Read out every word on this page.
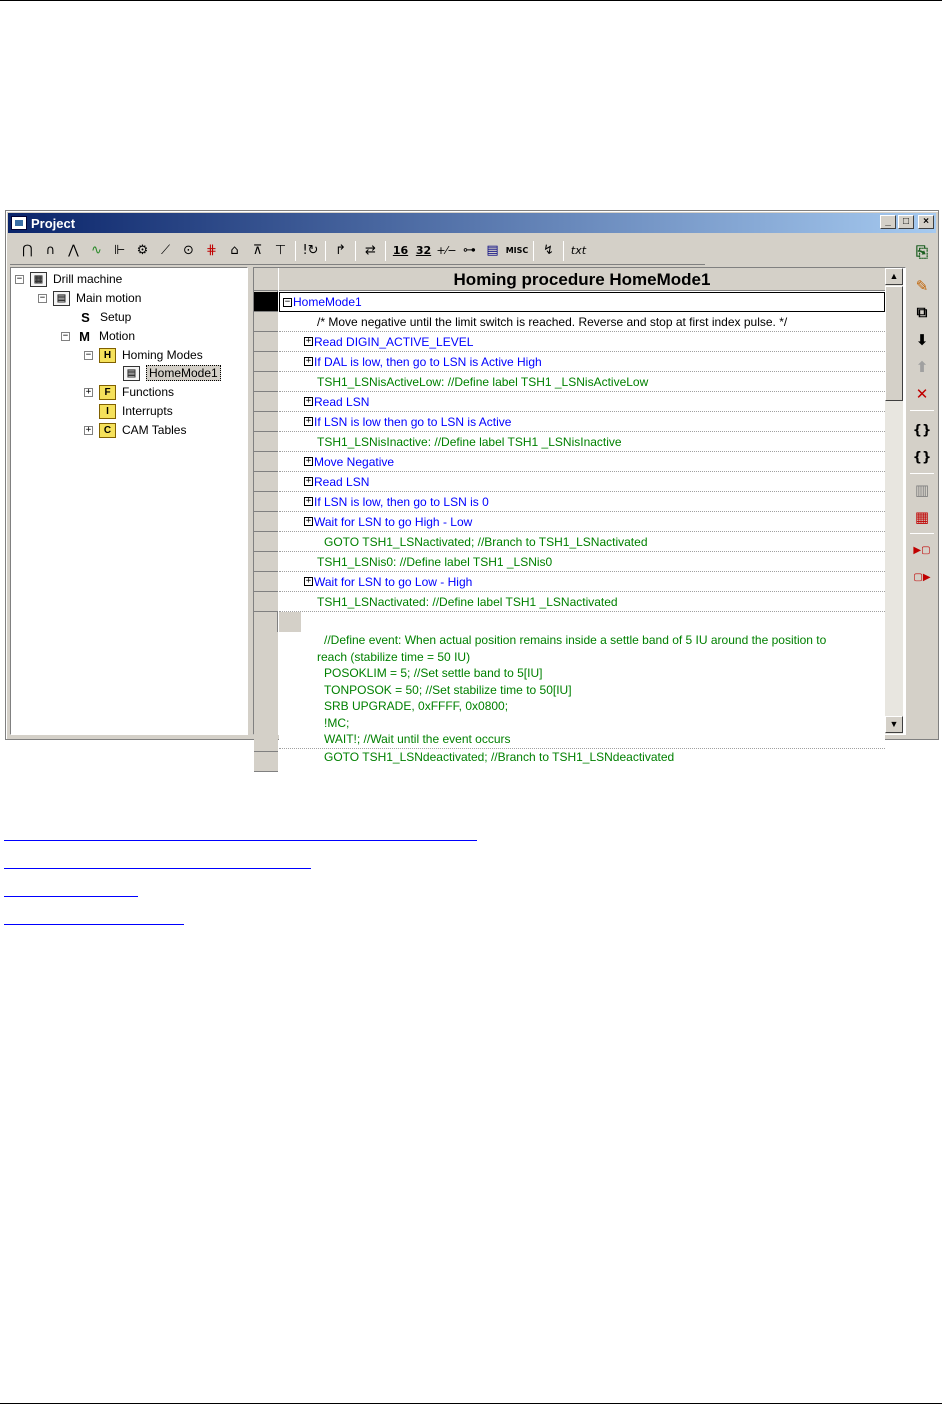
Project	_	□	×
⋂ ∩ ⋀ ∿ ⊩ ⚙ ⟋	⊙ ⋕	⌂	⊼ ⊤	!↻	↱	⇄	16 32 +⁄− ⊶ ▤ MISC	↯	txt
−	▦ Drill machine
−	▤ Main motion
S Setup
− M Motion
−	H Homing Modes
▤	HomeMode1
+	F Functions
I	Interrupts
+	C CAM Tables
Homing procedure HomeMode1
− HomeMode1
/* Move negative until the limit switch is reached. Reverse and stop at first index pulse. */
+ Read DIGIN_ACTIVE_LEVEL
+ If DAL is low, then go to LSN is Active High
TSH1_LSNisActiveLow: //Define label TSH1 _LSNisActiveLow
+ Read LSN
+ If LSN is low then go to LSN is Active
TSH1_LSNisInactive: //Define label TSH1 _LSNisInactive
+ Move Negative
+ Read LSN
+ If LSN is low, then go to LSN is 0
+ Wait for LSN to go High - Low
GOTO TSH1_LSNactivated; //Branch to TSH1_LSNactivated
TSH1_LSNis0: //Define label TSH1 _LSNis0
+ Wait for LSN to go Low - High
TSH1_LSNactivated: //Define label TSH1 _LSNactivated
//Define event: When actual position remains inside a settle band of 5 IU around the position to
reach (stabilize time = 50 IU)
POSOKLIM = 5; //Set settle band to 5[IU]
TONPOSOK = 50; //Set stabilize time to 50[IU]
SRB UPGRADE, 0xFFFF, 0x0800;
!MC;
WAIT!; //Wait until the event occurs
GOTO TSH1_LSNdeactivated; //Branch to TSH1_LSNdeactivated
▲
▼
⎘
✎
⧉
⬇
⬆
✕
{}
{}
▥
▦
▶▢
▢▶
